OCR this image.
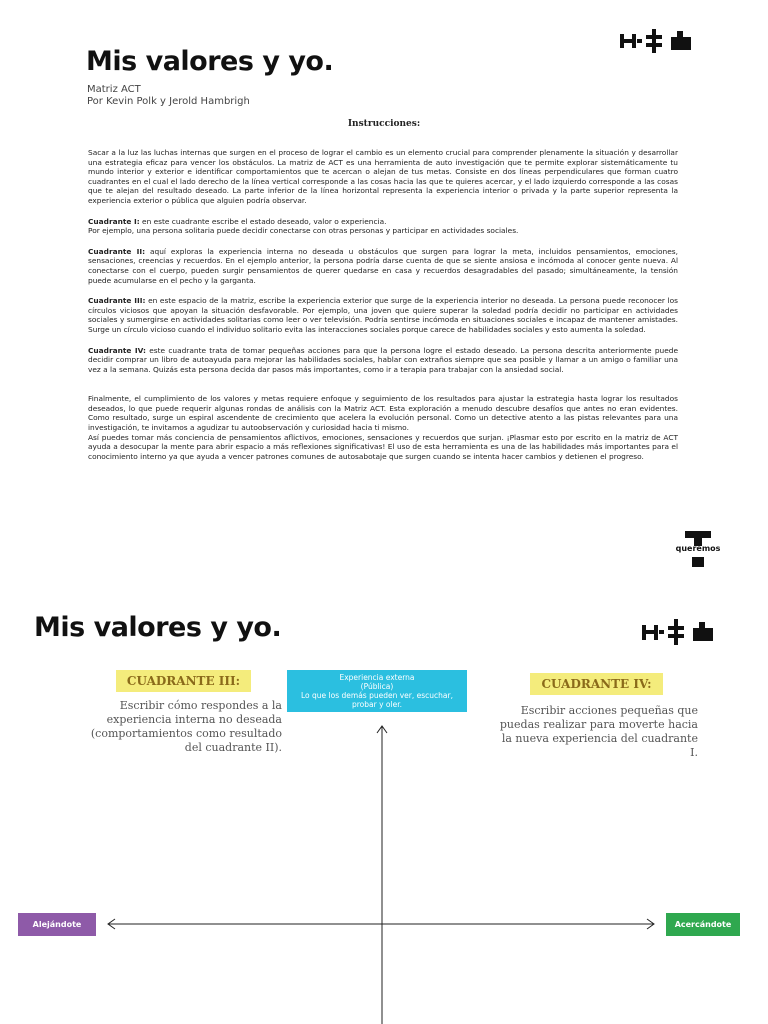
Mis valores y yo.
Matriz ACT
Por Kevin Polk y Jerold Hambrigh
Instrucciones:

Sacar a la luz las luchas internas que surgen en el proceso de lograr el cambio es un elemento crucial para comprender plenamente la situación y desarrollar una estrategia eficaz para vencer los obstáculos. La matriz de ACT es una herramienta de auto investigación que te permite explorar sistemáticamente tu mundo interior y exterior e identificar comportamientos que te acercan o alejan de tus metas. Consiste en dos líneas perpendiculares que forman cuatro cuadrantes en el cual el lado derecho de la línea vertical corresponde a las cosas hacia las que te quieres acercar, y el lado izquierdo corresponde a las cosas que te alejan del resultado deseado. La parte inferior de la línea horizontal representa la experiencia interior o privada y la parte superior representa la experiencia exterior o pública que alguien podría observar.

Cuadrante I: en este cuadrante escribe el estado deseado, valor o experiencia.
Por ejemplo, una persona solitaria puede decidir conectarse con otras personas y participar en actividades sociales.

Cuadrante II: aquí exploras la experiencia interna no deseada u obstáculos que surgen para lograr la meta, incluidos pensamientos, emociones, sensaciones, creencias y recuerdos. En el ejemplo anterior, la persona podría darse cuenta de que se siente ansiosa e incómoda al conocer gente nueva. Al conectarse con el cuerpo, pueden surgir pensamientos de querer quedarse en casa y recuerdos desagradables del pasado; simultáneamente, la tensión puede acumularse en el pecho y la garganta.

Cuadrante III: en este espacio de la matriz, escribe la experiencia exterior que surge de la experiencia interior no deseada. La persona puede reconocer los círculos viciosos que apoyan la situación desfavorable. Por ejemplo, una joven que quiere superar la soledad podría decidir no participar en actividades sociales y sumergirse en actividades solitarias como leer o ver televisión. Podría sentirse incómoda en situaciones sociales e incapaz de mantener amistades. Surge un círculo vicioso cuando el individuo solitario evita las interacciones sociales porque carece de habilidades sociales y esto aumenta la soledad.

Cuadrante IV: este cuadrante trata de tomar pequeñas acciones para que la persona logre el estado deseado. La persona descrita anteriormente puede decidir comprar un libro de autoayuda para mejorar las habilidades sociales, hablar con extraños siempre que sea posible y llamar a un amigo o familiar una vez a la semana. Quizás esta persona decida dar pasos más importantes, como ir a terapia para trabajar con la ansiedad social.

Finalmente, el cumplimiento de los valores y metas requiere enfoque y seguimiento de los resultados para ajustar la estrategia hasta lograr los resultados deseados, lo que puede requerir algunas rondas de análisis con la Matriz ACT. Esta exploración a menudo descubre desafíos que antes no eran evidentes. Como resultado, surge un espiral ascendente de crecimiento que acelera la evolución personal. Como un detective atento a las pistas relevantes para una investigación, te invitamos a agudizar tu autoobservación y curiosidad hacia ti mismo.

Así puedes tomar más conciencia de pensamientos aflictivos, emociones, sensaciones y recuerdos que surjan. ¡Plasmar esto por escrito en la matriz de ACT ayuda a desocupar la mente para abrir espacio a más reflexiones significativas! El uso de esta herramienta es una de las habilidades más importantes para el conocimiento interno ya que ayuda a vencer patrones comunes de autosabotaje que surgen cuando se intenta hacer cambios y detienen el progreso.

queremos
Mis valores y yo.
CUADRANTE III:
Escribir cómo respondes a la experiencia interna no deseada (comportamientos como resultado del cuadrante II).
Experiencia externa
(Pública)
Lo que los demás pueden ver, escuchar, probar y oler.
CUADRANTE IV:
Escribir acciones pequeñas que puedas realizar para moverte hacia la nueva experiencia del cuadrante I.
Alejándote	Acercándote
